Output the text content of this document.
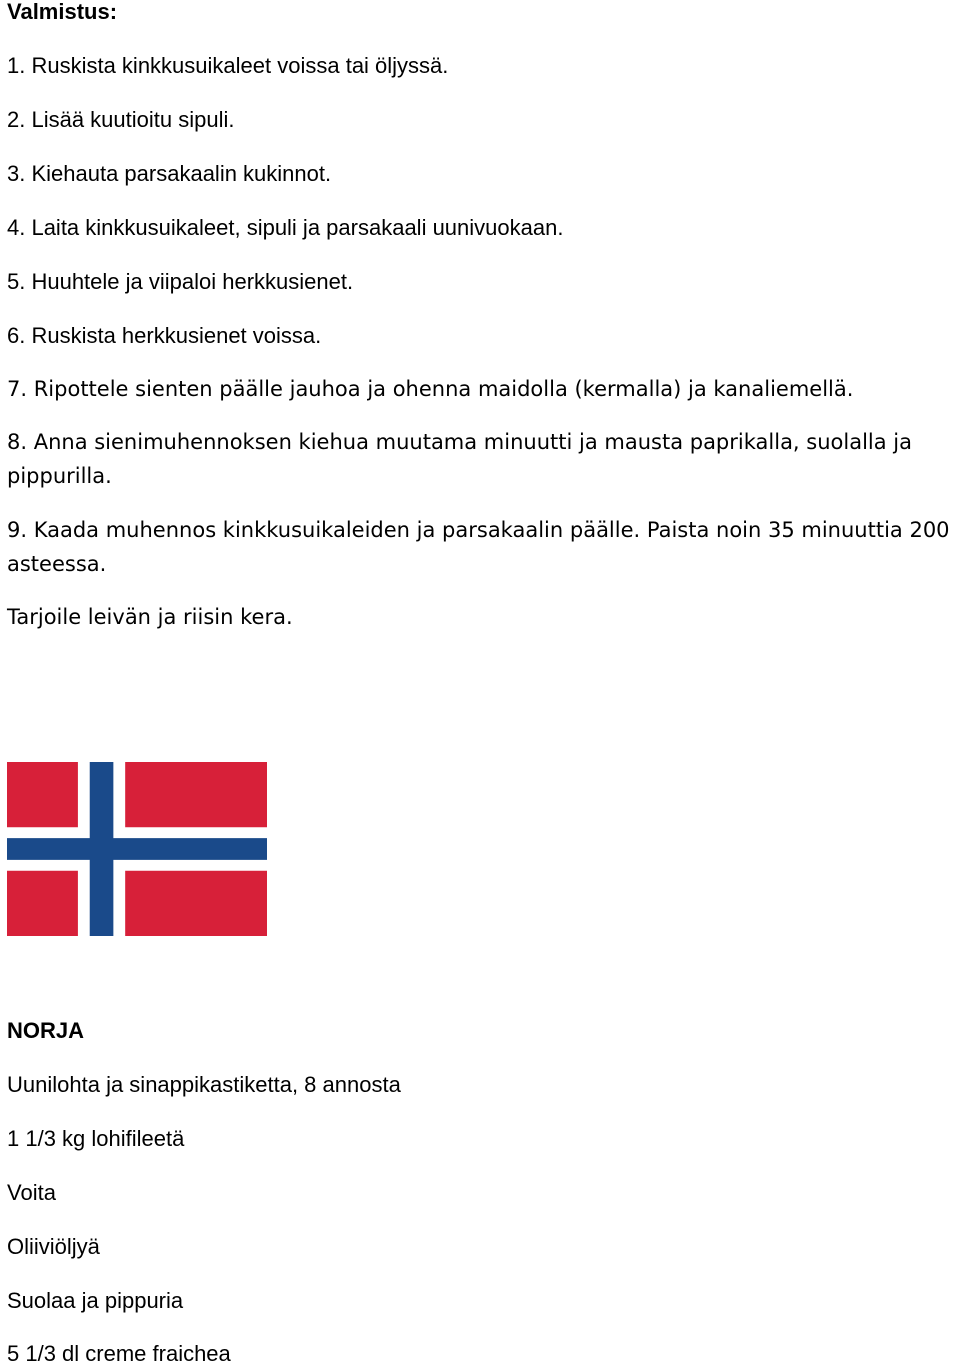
Valmistus:
1. Ruskista kinkkusuikaleet voissa tai öljyssä.
2. Lisää kuutioitu sipuli.
3. Kiehauta parsakaalin kukinnot.
4. Laita kinkkusuikaleet, sipuli ja parsakaali uunivuokaan.
5. Huuhtele ja viipaloi herkkusienet.
6. Ruskista herkkusienet voissa.
7. Ripottele sienten päälle jauhoa ja ohenna maidolla (kermalla) ja kanaliemellä.
8. Anna sienimuhennoksen kiehua muutama minuutti ja mausta paprikalla, suolalla ja pippurilla.
9. Kaada muhennos kinkkusuikaleiden ja parsakaalin päälle. Paista noin 35 minuuttia 200 asteessa.
Tarjoile leivän ja riisin kera.
NORJA
Uunilohta ja sinappikastiketta, 8 annosta
1 1/3 kg lohifileetä
Voita
Oliiviöljyä
Suolaa ja pippuria
5 1/3 dl creme fraichea
